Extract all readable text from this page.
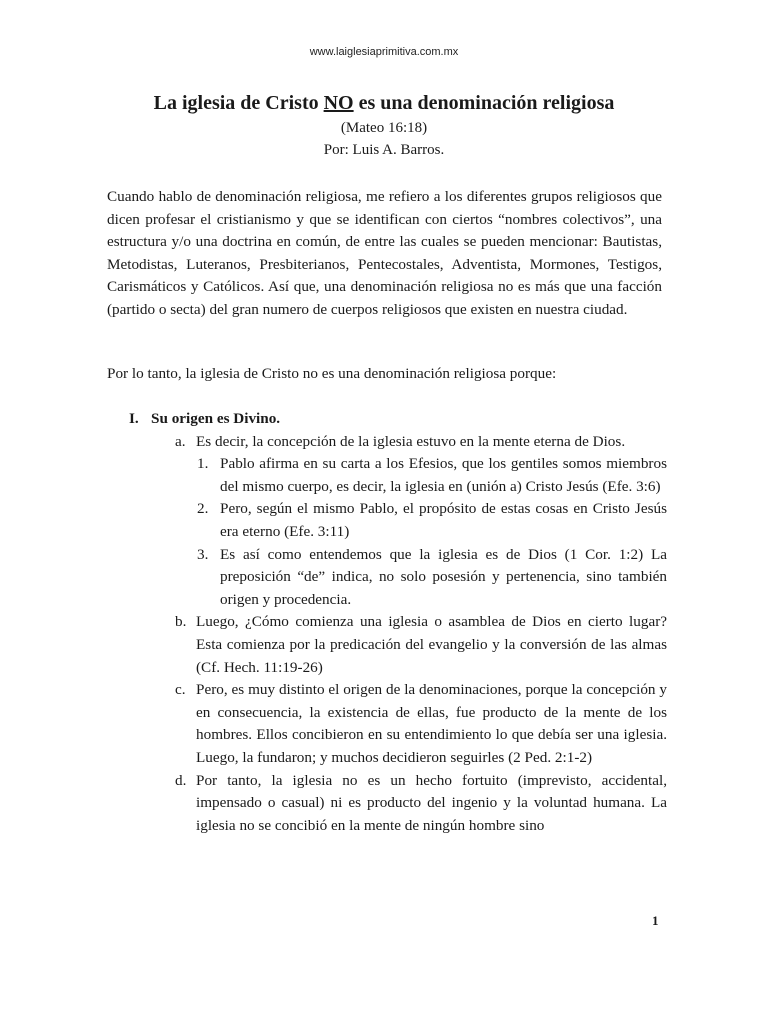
www.laiglesiaprimitiva.com.mx
La iglesia de Cristo NO es una denominación religiosa
(Mateo 16:18)
Por: Luis A. Barros.

Cuando hablo de denominación religiosa, me refiero a los diferentes grupos religiosos que dicen profesar el cristianismo y que se identifican con ciertos “nombres colectivos”, una estructura y/o una doctrina en común, de entre las cuales se pueden mencionar: Bautistas, Metodistas, Luteranos, Presbiterianos, Pentecostales, Adventista, Mormones, Testigos, Carismáticos y Católicos. Así que, una denominación religiosa no es más que una facción (partido o secta) del gran numero de cuerpos religiosos que existen en nuestra ciudad.

Por lo tanto, la iglesia de Cristo no es una denominación religiosa porque:

I. Su origen es Divino.
a. Es decir, la concepción de la iglesia estuvo en la mente eterna de Dios.
1. Pablo afirma en su carta a los Efesios, que los gentiles somos miembros del mismo cuerpo, es decir, la iglesia en (unión a) Cristo Jesús (Efe. 3:6)
2. Pero, según el mismo Pablo, el propósito de estas cosas en Cristo Jesús era eterno (Efe. 3:11)
3. Es así como entendemos que la iglesia es de Dios (1 Cor. 1:2) La preposición “de” indica, no solo posesión y pertenencia, sino también origen y procedencia.
b. Luego, ¿Cómo comienza una iglesia o asamblea de Dios en cierto lugar? Esta comienza por la predicación del evangelio y la conversión de las almas (Cf. Hech. 11:19-26)
c. Pero, es muy distinto el origen de la denominaciones, porque la concepción y en consecuencia, la existencia de ellas, fue producto de la mente de los hombres. Ellos concibieron en su entendimiento lo que debía ser una iglesia. Luego, la fundaron; y muchos decidieron seguirles (2 Ped. 2:1-2)
d. Por tanto, la iglesia no es un hecho fortuito (imprevisto, accidental, impensado o casual) ni es producto del ingenio y la voluntad humana. La iglesia no se concibió en la mente de ningún hombre sino
1
